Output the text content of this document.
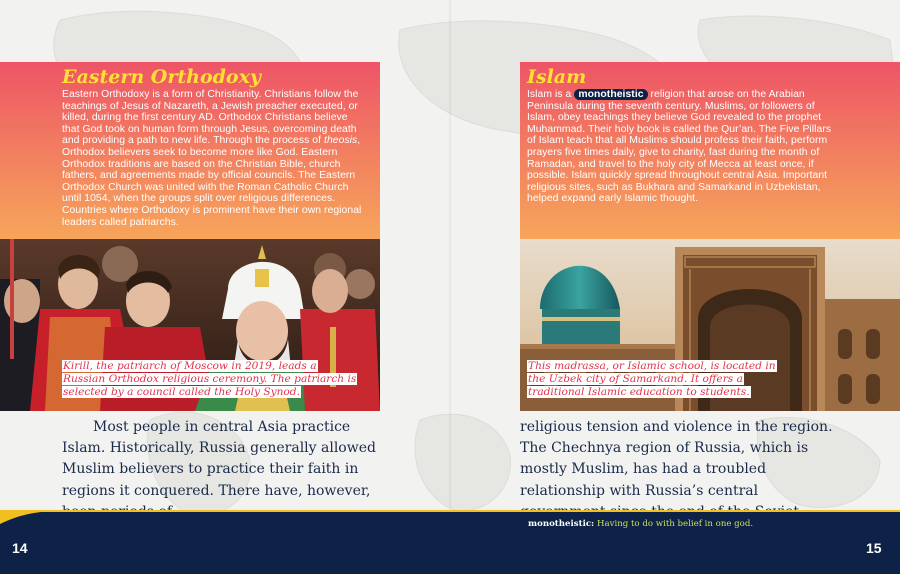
Eastern Orthodoxy

Eastern Orthodoxy is a form of Christianity. Christians follow the teachings of Jesus of Nazareth, a Jewish preacher executed, or killed, during the first century AD. Orthodox Christians believe that God took on human form through Jesus, overcoming death and providing a path to new life. Through the process of theosis, Orthodox believers seek to become more like God. Eastern Orthodox traditions are based on the Christian Bible, church fathers, and agreements made by official councils. The Eastern Orthodox Church was united with the Roman Catholic Church until 1054, when the groups split over religious differences. Countries where Orthodoxy is prominent have their own regional leaders called patriarchs.

Kirill, the patriarch of Moscow in 2019, leads a Russian Orthodox religious ceremony. The patriarch is selected by a council called the Holy Synod.
Most people in central Asia practice Islam. Historically, Russia generally allowed Muslim believers to practice their faith in regions it conquered. There have, however,
Islam

Islam is a monotheistic religion that arose on the Arabian Peninsula during the seventh century. Muslims, or followers of Islam, obey teachings they believe God revealed to the prophet Muhammad. Their holy book is called the Qur’an. The Five Pillars of Islam teach that all Muslims should profess their faith, perform prayers five times daily, give to charity, fast during the month of Ramadan, and travel to the holy city of Mecca at least once, if possible. Islam quickly spread throughout central Asia. Important religious sites, such as Bukhara and Samarkand in Uzbekistan, helped expand early Islamic thought.

This madrassa, or Islamic school, is located in the Uzbek city of Samarkand. It offers a traditional Islamic education to students.
religious tension and violence in the region. The Chechnya region of Russia, which is mostly Muslim, has had a troubled relationship with Russia’s central
monotheistic: Having to do with belief in one god.
14	15
